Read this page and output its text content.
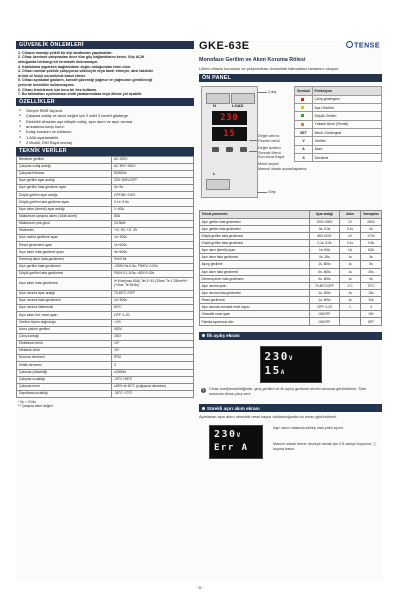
GÜVENLİK ÖNLEMLERİ
1. Cihazın montajı yetkili bir kişi tarafından yapılmalıdır.
2. Cihaz üzerinde çalışmadan önce tüm güç bağlantılarını kesin. Güç AÇIK
olduğunda herhangi bir terminale dokunmayın.
3. Kablolama yaparken bağlantıların doğru olduğundan emin olun.
4. Cihazı normal şekilde çalışıyorsa sökmeyin veya tamir etmeyin, aksi takdirde
ürünü ve kişiyi sorumluluk kabul etmez.
5. Cihazı açmadan gazların, korozif gözeneği yağmur ve yağmurun girebileceği
yerlerde kesinlikle kullanmayınız.
6. Cihazı temizlemek için kuru bir bez kullanın.
7. Bu talimatları uyulmaması ciddi yaralanmalara veya ölüme yol açabilir.
ÖZELLİKLER
● Gerçek RMS ölçümü.
● Çalışma voltajı ve akım değeri için 2 adet 3 haneli gösterge.
● Elektrikli cihazları aşırı/düşük voltaj, aşırı akım ve aşırı ısınma
● arızalarına karşı korur.
● Kolay kurulum ve kullanım.
● 1-63A ayarlanabilir.
● 2 Modül, DIN Raya montaj.
TEKNİK VERİLER
Besleme gerilimi	AC 220V
Çalışma voltaj aralığı	AC 50V~450V
Çalışma frekansı	50/60Hz
Aşırı gerilim ayar aralığı	225~300V/OFF
Aşırı gerilim hata gecikme ayarı	0s~5s
Düşük gerilim ayar aralığı	OFF/80~210V
Düşük gerilim hata gecikme ayarı	0.1s~5.0s
Aşırı akım (termik) ayar aralığı	1~63A
Maksimum çalışma akımı (10dk süreli)	80A
Maksimum yük gücü	13.9kW
Histerezis	+/2. 5V; +/2. 3V
Aşırı ısıtma gecikme ayarı	1s~300s
Reset gecikmesi ayarı	1s~600s
Aşırı akım hata gecikme ayarı	0s~600s
Demeraj akım hata gecikmesi	0*e/0.5s
Aşırı gerilim hata gecikmesi	<300V:0s-0.5s; F300V: 0.02s
Düşük gerilim hata gecikmesi	F80V:0.1-5.0s; <80V:0.02s
Aşırı akım hata gecikmesi	lr*10ve(max 80A) Tel:1*.51 (20sel. Te 1.25lvel+lr* (+2sel. Te:Te/3s)
Aşırı ısınma ayar aralığı	70-80°C /OFF
Aşırı ısınma hata gecikmesi	1s~300s
Aşırı ısınma histerezisi	50°C
Aşırı akım üst. reset ayarı	OFF~1-20
Gerilim ölçüm doğruluğu	<1%
Arma yalıtım gerilimi	450V
Çıkış kontağı	1NO
Elektriksel ömür	10⁵
Mekanik ömür	10⁶
Koruma derecesi	IP20
Kirlilik derecesi	3
Çalışma yüksekliği	≤2000m
Çalışma sıcaklığı	-20°C~55°C
Çalışma nemi	≤50% at 40°C (yoğuşma olmadan)
Depolama sıcaklığı	-30°C~70°C
* 0s = 0.04s
** Çalışma akım değeri
GKE-63E	TENSE
Monofaze Gerilim ve Akım Koruma Rölesi
Lütfen cihazın kurulumu ve çalıştırılması öncesinde talimatların tamamını okuyun.
ÖN PANEL
N	LOAD
230
15
L
Çıkış
Değer artırıcı
Önceki menü
Değer azaltıcı
Sonraki Menü
Son Arıza Kaydı
Menü seçimi
Manuel olarak açma/kapatma
Giriş
Sembol	Fonksiyon
	Çıkış göstergesi
	Aşırı Gerilim
	Düşük Gerilim
	Yüksek Akım (Termik)
SET	Menü Göstergesi
V	Gerilim
A	Akım
S	Gecikme
Teknik parametre	Ayar aralığı	Adım	Varsayılan
Aşırı gerilim hata gecikmesi	220V-300V	1V	250V
Aşırı gerilim hata gecikmesi	0s- 5.0s	0.1s	0s
Düşük gerilim hata gecikmesi	80V-210V	1V	170V
Düşük gerilim hata gecikmesi	0.1s- 5.0s	0.1s	0.5s
Aşırı akım (termik) ayarı	1s~63A	1A	63A
Aşırı akım hata gecikmesi	0s- 30s	1s	5s
Aşırıg gecikme	1s- 600s	1s	5s
Aşırı akım hata gecikmesi	0s- 600s	1s	30s
Demeraj akım hata gecikmesi	0s- 600s	1s	0s
Aşırı ısınma ayarı	70-80°C/OFF	1°C	70°C
Aşırı ısınma hata gecikmesi	1s- 300s	1s	15s
Reset gecikmesi	1s- 600s	1s	10s
Aşırı akımda otomatik reset sayısı	OFF~1-20	1	3
Otomatik reset ayarı	ON/OFF		ON
Fabrika ayarlarına dön	ON/OFF		OFF
İlk açılış ekranı
230V
15A
i	Cihaz enerjilendirildiğinde, giriş gerilimi ve ilk açılış gecikme süresi ekranda görüntülenir. Süre sonunda cihaz çıkış verir.
Sürekli aşırı akım ekranı
Ayarlanan aşırı akım otomatik reset sayısı doldurduğunda bu ekran görüntülenir.
230V
Err A
Aşırı akım hatasına sebep olan yükü ayırın.
Manuel olarak tekrar devreye almak için 0.5 saniye boyunca ⚪ tuşuna basın.
-1-
